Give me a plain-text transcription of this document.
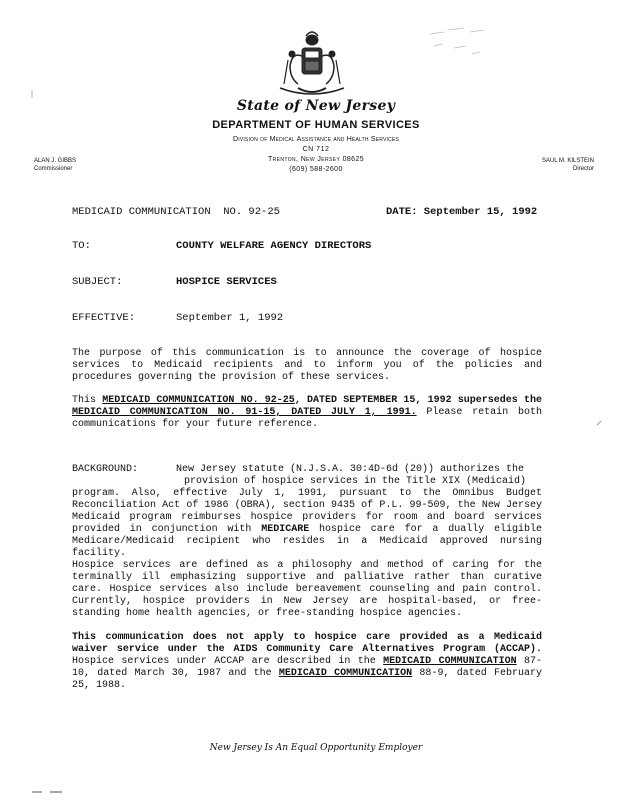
State of New Jersey
DEPARTMENT OF HUMAN SERVICES
Division of Medical Assistance and Health Services
CN 712
Trenton, New Jersey 08625
(609) 588-2600
ALAN J. GIBBS
Commissioner
SAUL M. KILSTEIN
Director
MEDICAID COMMUNICATION  NO. 92-25	DATE: September 15, 1992
TO:	COUNTY WELFARE AGENCY DIRECTORS
SUBJECT:	HOSPICE SERVICES
EFFECTIVE:	September 1, 1992
The purpose of this communication is to announce the coverage of hospice services to Medicaid recipients and to inform you of the policies and procedures governing the provision of these services.
This MEDICAID COMMUNICATION NO. 92-25, DATED SEPTEMBER 15, 1992 supersedes the MEDICAID COMMUNICATION NO. 91-15, DATED JULY 1, 1991. Please retain both communications for your future reference.
BACKGROUND:	New Jersey statute (N.J.S.A. 30:4D-6d (20)) authorizes the
provision of hospice services in the Title XIX (Medicaid)
program. Also, effective July 1, 1991, pursuant to the Omnibus Budget Reconciliation Act of 1986 (OBRA), section 9435 of P.L. 99-509, the New Jersey Medicaid program reimburses hospice providers for room and board services provided in conjunction with MEDICARE hospice care for a dually eligible Medicare/Medicaid recipient who resides in a Medicaid approved nursing facility.
Hospice services are defined as a philosophy and method of caring for the terminally ill emphasizing supportive and palliative rather than curative care. Hospice services also include bereavement counseling and pain control. Currently, hospice providers in New Jersey are hospital-based, or free-standing home health agencies, or free-standing hospice agencies.
This communication does not apply to hospice care provided as a Medicaid waiver service under the AIDS Community Care Alternatives Program (ACCAP). Hospice services under ACCAP are described in the MEDICAID COMMUNICATION 87-10, dated March 30, 1987 and the MEDICAID COMMUNICATION 88-9, dated February 25, 1988.
New Jersey Is An Equal Opportunity Employer
